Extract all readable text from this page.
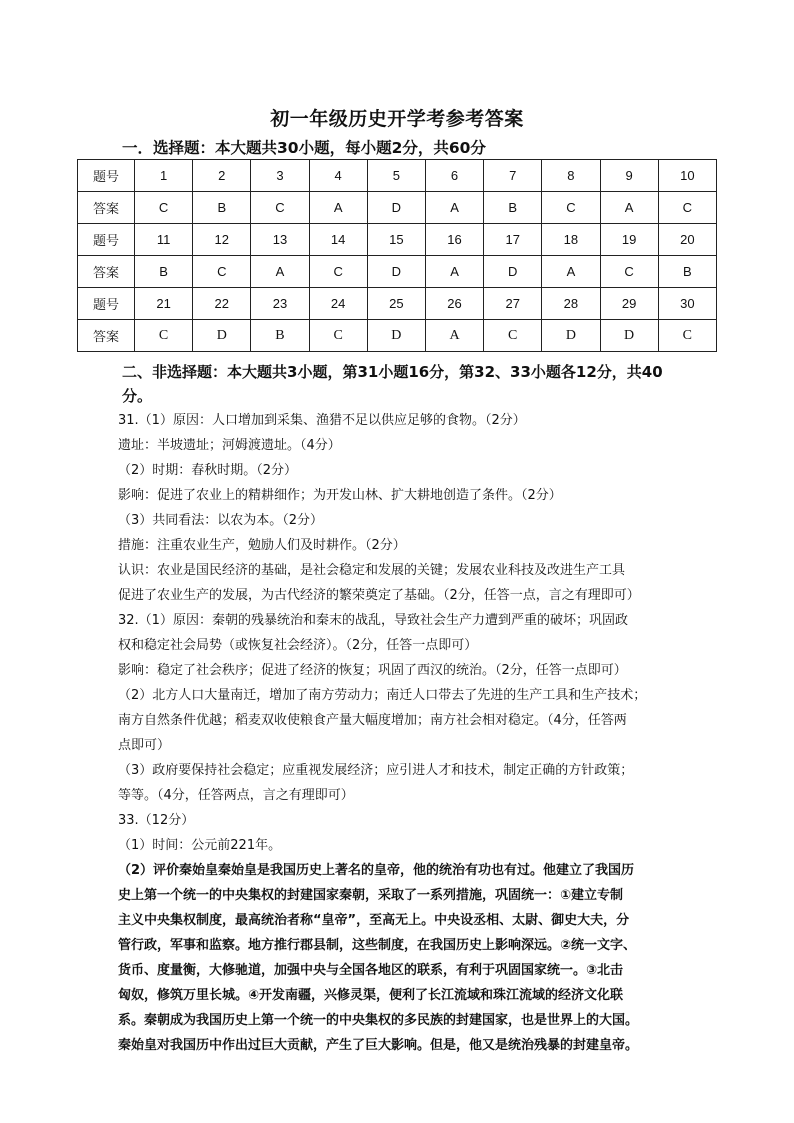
初一年级历史开学考参考答案
一．选择题：本大题共30小题，每小题2分，共60分
题号	1	2	3	4	5	6	7	8	9	10
答案	C	B	C	A	D	A	B	C	A	C
题号	11	12	13	14	15	16	17	18	19	20
答案	B	C	A	C	D	A	D	A	C	B
题号	21	22	23	24	25	26	27	28	29	30
答案	C	D	B	C	D	A	C	D	D	C
二、非选择题：本大题共3小题，第31小题16分，第32、33小题各12分，共40分。
31.（1）原因：人口增加到采集、渔猎不足以供应足够的食物。（2分）
遗址：半坡遗址；河姆渡遗址。（4分）
（2）时期：春秋时期。（2分）
影响：促进了农业上的精耕细作；为开发山林、扩大耕地创造了条件。（2分）
（3）共同看法：以农为本。（2分）
措施：注重农业生产，勉励人们及时耕作。（2分）
认识：农业是国民经济的基础，是社会稳定和发展的关键；发展农业科技及改进生产工具
促进了农业生产的发展，为古代经济的繁荣奠定了基础。（2分，任答一点，言之有理即可）
32.（1）原因：秦朝的残暴统治和秦末的战乱，导致社会生产力遭到严重的破坏；巩固政
权和稳定社会局势（或恢复社会经济）。（2分，任答一点即可）
影响：稳定了社会秩序；促进了经济的恢复；巩固了西汉的统治。（2分，任答一点即可）
（2）北方人口大量南迁，增加了南方劳动力；南迁人口带去了先进的生产工具和生产技术；
南方自然条件优越；稻麦双收使粮食产量大幅度增加；南方社会相对稳定。（4分，任答两
点即可）
（3）政府要保持社会稳定；应重视发展经济；应引进人才和技术，制定正确的方针政策；
等等。（4分，任答两点，言之有理即可）
33.（12分）
（1）时间：公元前221年。
（2）评价秦始皇秦始皇是我国历史上著名的皇帝，他的统治有功也有过。他建立了我国历
史上第一个统一的中央集权的封建国家秦朝，采取了一系列措施，巩固统一：①建立专制
主义中央集权制度，最高统治者称“皇帝”，至高无上。中央设丞相、太尉、御史大夫，分
管行政，军事和监察。地方推行郡县制，这些制度，在我国历史上影响深远。②统一文字、
货币、度量衡，大修驰道，加强中央与全国各地区的联系，有利于巩固国家统一。③北击
匈奴，修筑万里长城。④开发南疆，兴修灵渠，便利了长江流域和珠江流域的经济文化联
系。秦朝成为我国历史上第一个统一的中央集权的多民族的封建国家，也是世界上的大国。
秦始皇对我国历中作出过巨大贡献，产生了巨大影响。但是，他又是统治残暴的封建皇帝。
